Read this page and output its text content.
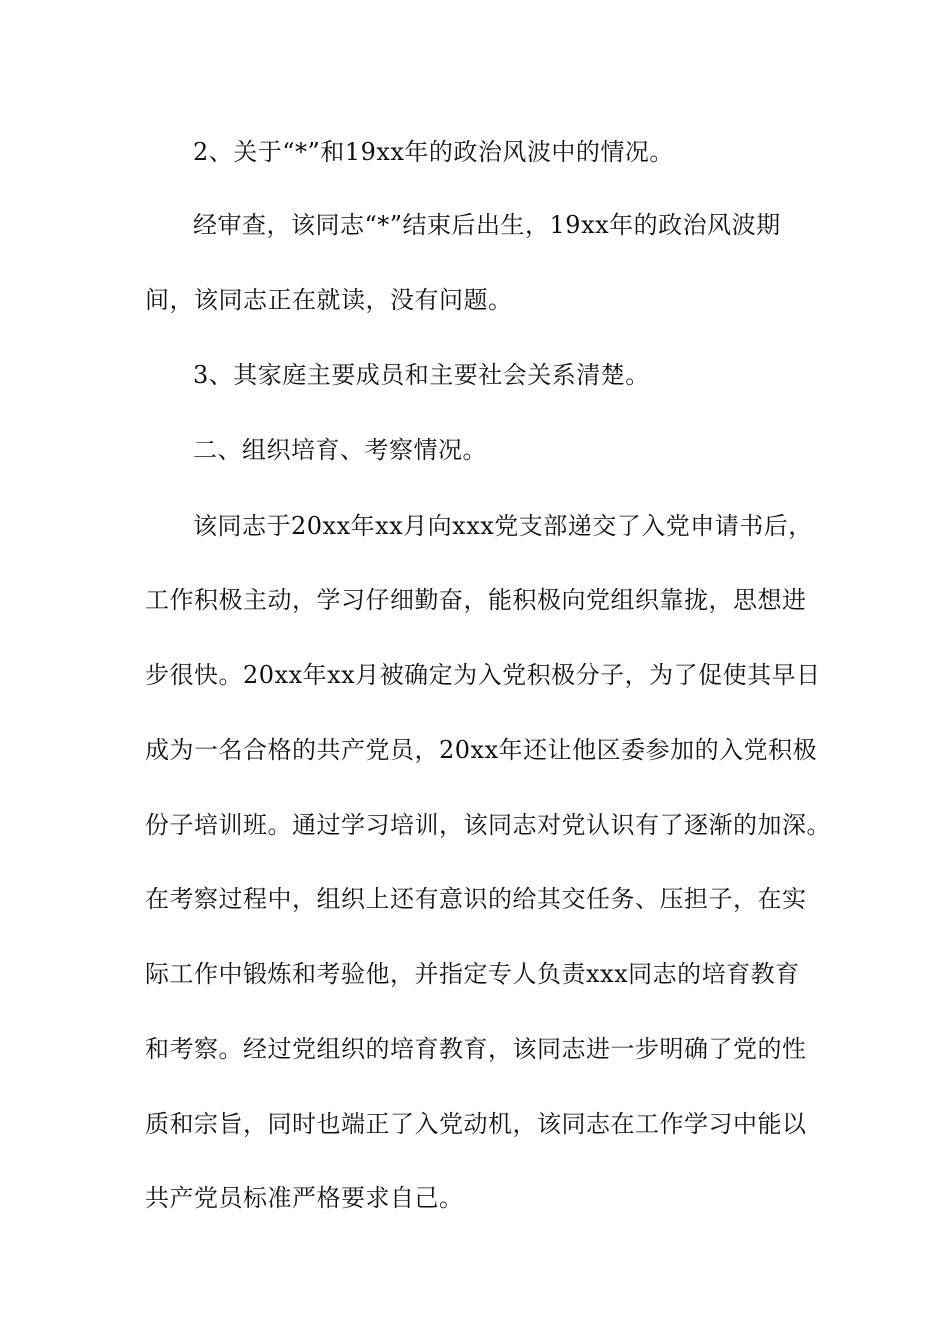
2、关于“*”和19xx年的政治风波中的情况。
经审查，该同志“*”结束后出生，19xx年的政治风波期
间，该同志正在就读，没有问题。
3、其家庭主要成员和主要社会关系清楚。
二、组织培育、考察情况。
该同志于20xx年xx月向xxx党支部递交了入党申请书后，
工作积极主动，学习仔细勤奋，能积极向党组织靠拢，思想进
步很快。20xx年xx月被确定为入党积极分子，为了促使其早日
成为一名合格的共产党员，20xx年还让他区委参加的入党积极
份子培训班。通过学习培训，该同志对党认识有了逐渐的加深。
在考察过程中，组织上还有意识的给其交任务、压担子，在实
际工作中锻炼和考验他，并指定专人负责xxx同志的培育教育
和考察。经过党组织的培育教育，该同志进一步明确了党的性
质和宗旨，同时也端正了入党动机，该同志在工作学习中能以
共产党员标准严格要求自己。
